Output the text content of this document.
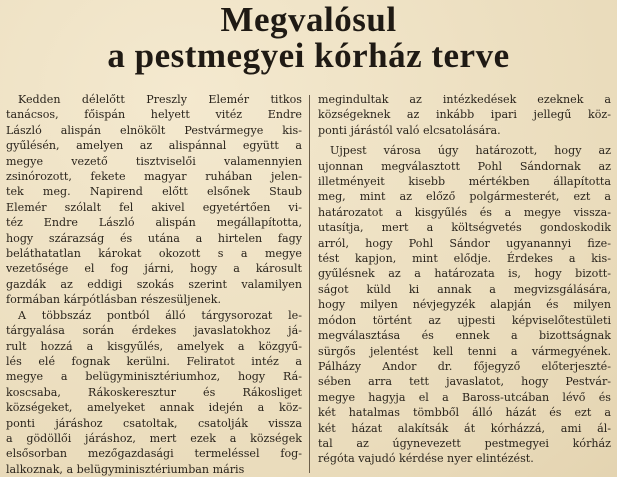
Megvalósul
a pestmegyei kórház terve
Kedden délelőtt Preszly Elemér titkos
tanácsos, főispán helyett vitéz Endre
László alispán elnökölt Pestvármegye kis-
gyűlésén, amelyen az alispánnal együtt a
megye vezető tisztviselői valamennyien
zsinórozott, fekete magyar ruhában jelen-
tek meg. Napirend előtt elsőnek Staub
Elemér szólalt fel akivel egyetértően vi-
téz Endre László alispán megállapította,
hogy szárazság és utána a hirtelen fagy
beláthatatlan károkat okozott s a megye
vezetősége el fog járni, hogy a károsult
gazdák az eddigi szokás szerint valamilyen
formában kárpótlásban részesüljenek.
A többszáz pontból álló tárgysorozat le-
tárgyalása során érdekes javaslatokhoz já-
rult hozzá a kisgyűlés, amelyek a közgyű-
lés elé fognak kerülni. Feliratot intéz a
megye a belügyminisztériumhoz, hogy Rá-
koscsaba, Rákoskeresztur és Rákosliget
községeket, amelyeket annak idején a köz-
ponti járáshoz csatoltak, csatolják vissza
a gödöllői járáshoz, mert ezek a községek
elsősorban mezőgazdasági termeléssel fog-
lalkoznak, a belügyminisztériumban máris
megindultak az intézkedések ezeknek a
községeknek az inkább ipari jellegű köz-
ponti járástól való elcsatolására.
Ujpest városa úgy határozott, hogy az
ujonnan megválasztott Pohl Sándornak az
illetményeit kisebb mértékben állapította
meg, mint az előző polgármesterét, ezt a
határozatot a kisgyűlés és a megye vissza-
utasítja, mert a költségvetés gondoskodik
arról, hogy Pohl Sándor ugyanannyi fize-
tést kapjon, mint elődje. Érdekes a kis-
gyűlésnek az a határozata is, hogy bizott-
ságot küld ki annak a megvizsgálására,
hogy milyen névjegyzék alapján és milyen
módon történt az ujpesti képviselőtestületi
megválasztása és ennek a bizottságnak
sürgős jelentést kell tenni a vármegyének.
Pálházy Andor dr. főjegyző előterjeszté-
sében arra tett javaslatot, hogy Pestvár-
megye hagyja el a Baross-utcában lévő és
két hatalmas tömbből álló házát és ezt a
két házat alakítsák át kórházzá, ami ál-
tal az úgynevezett pestmegyei kórház
régóta vajudó kérdése nyer elintézést.
